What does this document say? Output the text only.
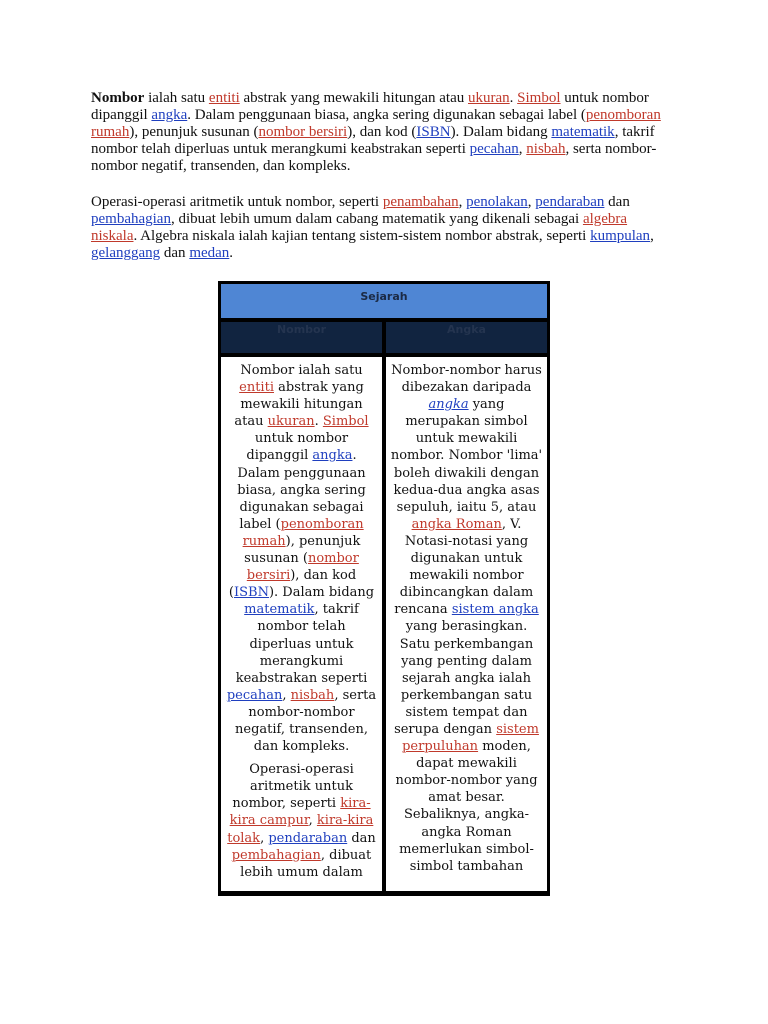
Nombor ialah satu entiti abstrak yang mewakili hitungan atau ukuran. Simbol untuk nombor dipanggil angka. Dalam penggunaan biasa, angka sering digunakan sebagai label (penomboran rumah), penunjuk susunan (nombor bersiri), dan kod (ISBN). Dalam bidang matematik, takrif nombor telah diperluas untuk merangkumi keabstrakan seperti pecahan, nisbah, serta nombor-nombor negatif, transenden, dan kompleks.

Operasi-operasi aritmetik untuk nombor, seperti penambahan, penolakan, pendaraban dan pembahagian, dibuat lebih umum dalam cabang matematik yang dikenali sebagai algebra niskala. Algebra niskala ialah kajian tentang sistem-sistem nombor abstrak, seperti kumpulan, gelanggang dan medan.

Sejarah
Nombor	Angka

Nombor ialah satu entiti abstrak yang mewakili hitungan atau ukuran. Simbol untuk nombor dipanggil angka. Dalam penggunaan biasa, angka sering digunakan sebagai label (penomboran rumah), penunjuk susunan (nombor bersiri), dan kod (ISBN). Dalam bidang matematik, takrif nombor telah diperluas untuk merangkumi keabstrakan seperti pecahan, nisbah, serta nombor-nombor negatif, transenden, dan kompleks.

Operasi-operasi aritmetik untuk nombor, seperti kira-kira campur, kira-kira tolak, pendaraban dan pembahagian, dibuat lebih umum dalam

Nombor-nombor harus dibezakan daripada angka yang merupakan simbol untuk mewakili nombor. Nombor 'lima' boleh diwakili dengan kedua-dua angka asas sepuluh, iaitu 5, atau angka Roman, V. Notasi-notasi yang digunakan untuk mewakili nombor dibincangkan dalam rencana sistem angka yang berasingkan. Satu perkembangan yang penting dalam sejarah angka ialah perkembangan satu sistem tempat dan serupa dengan sistem perpuluhan moden, dapat mewakili nombor-nombor yang amat besar. Sebaliknya, angka-angka Roman memerlukan simbol-simbol tambahan
